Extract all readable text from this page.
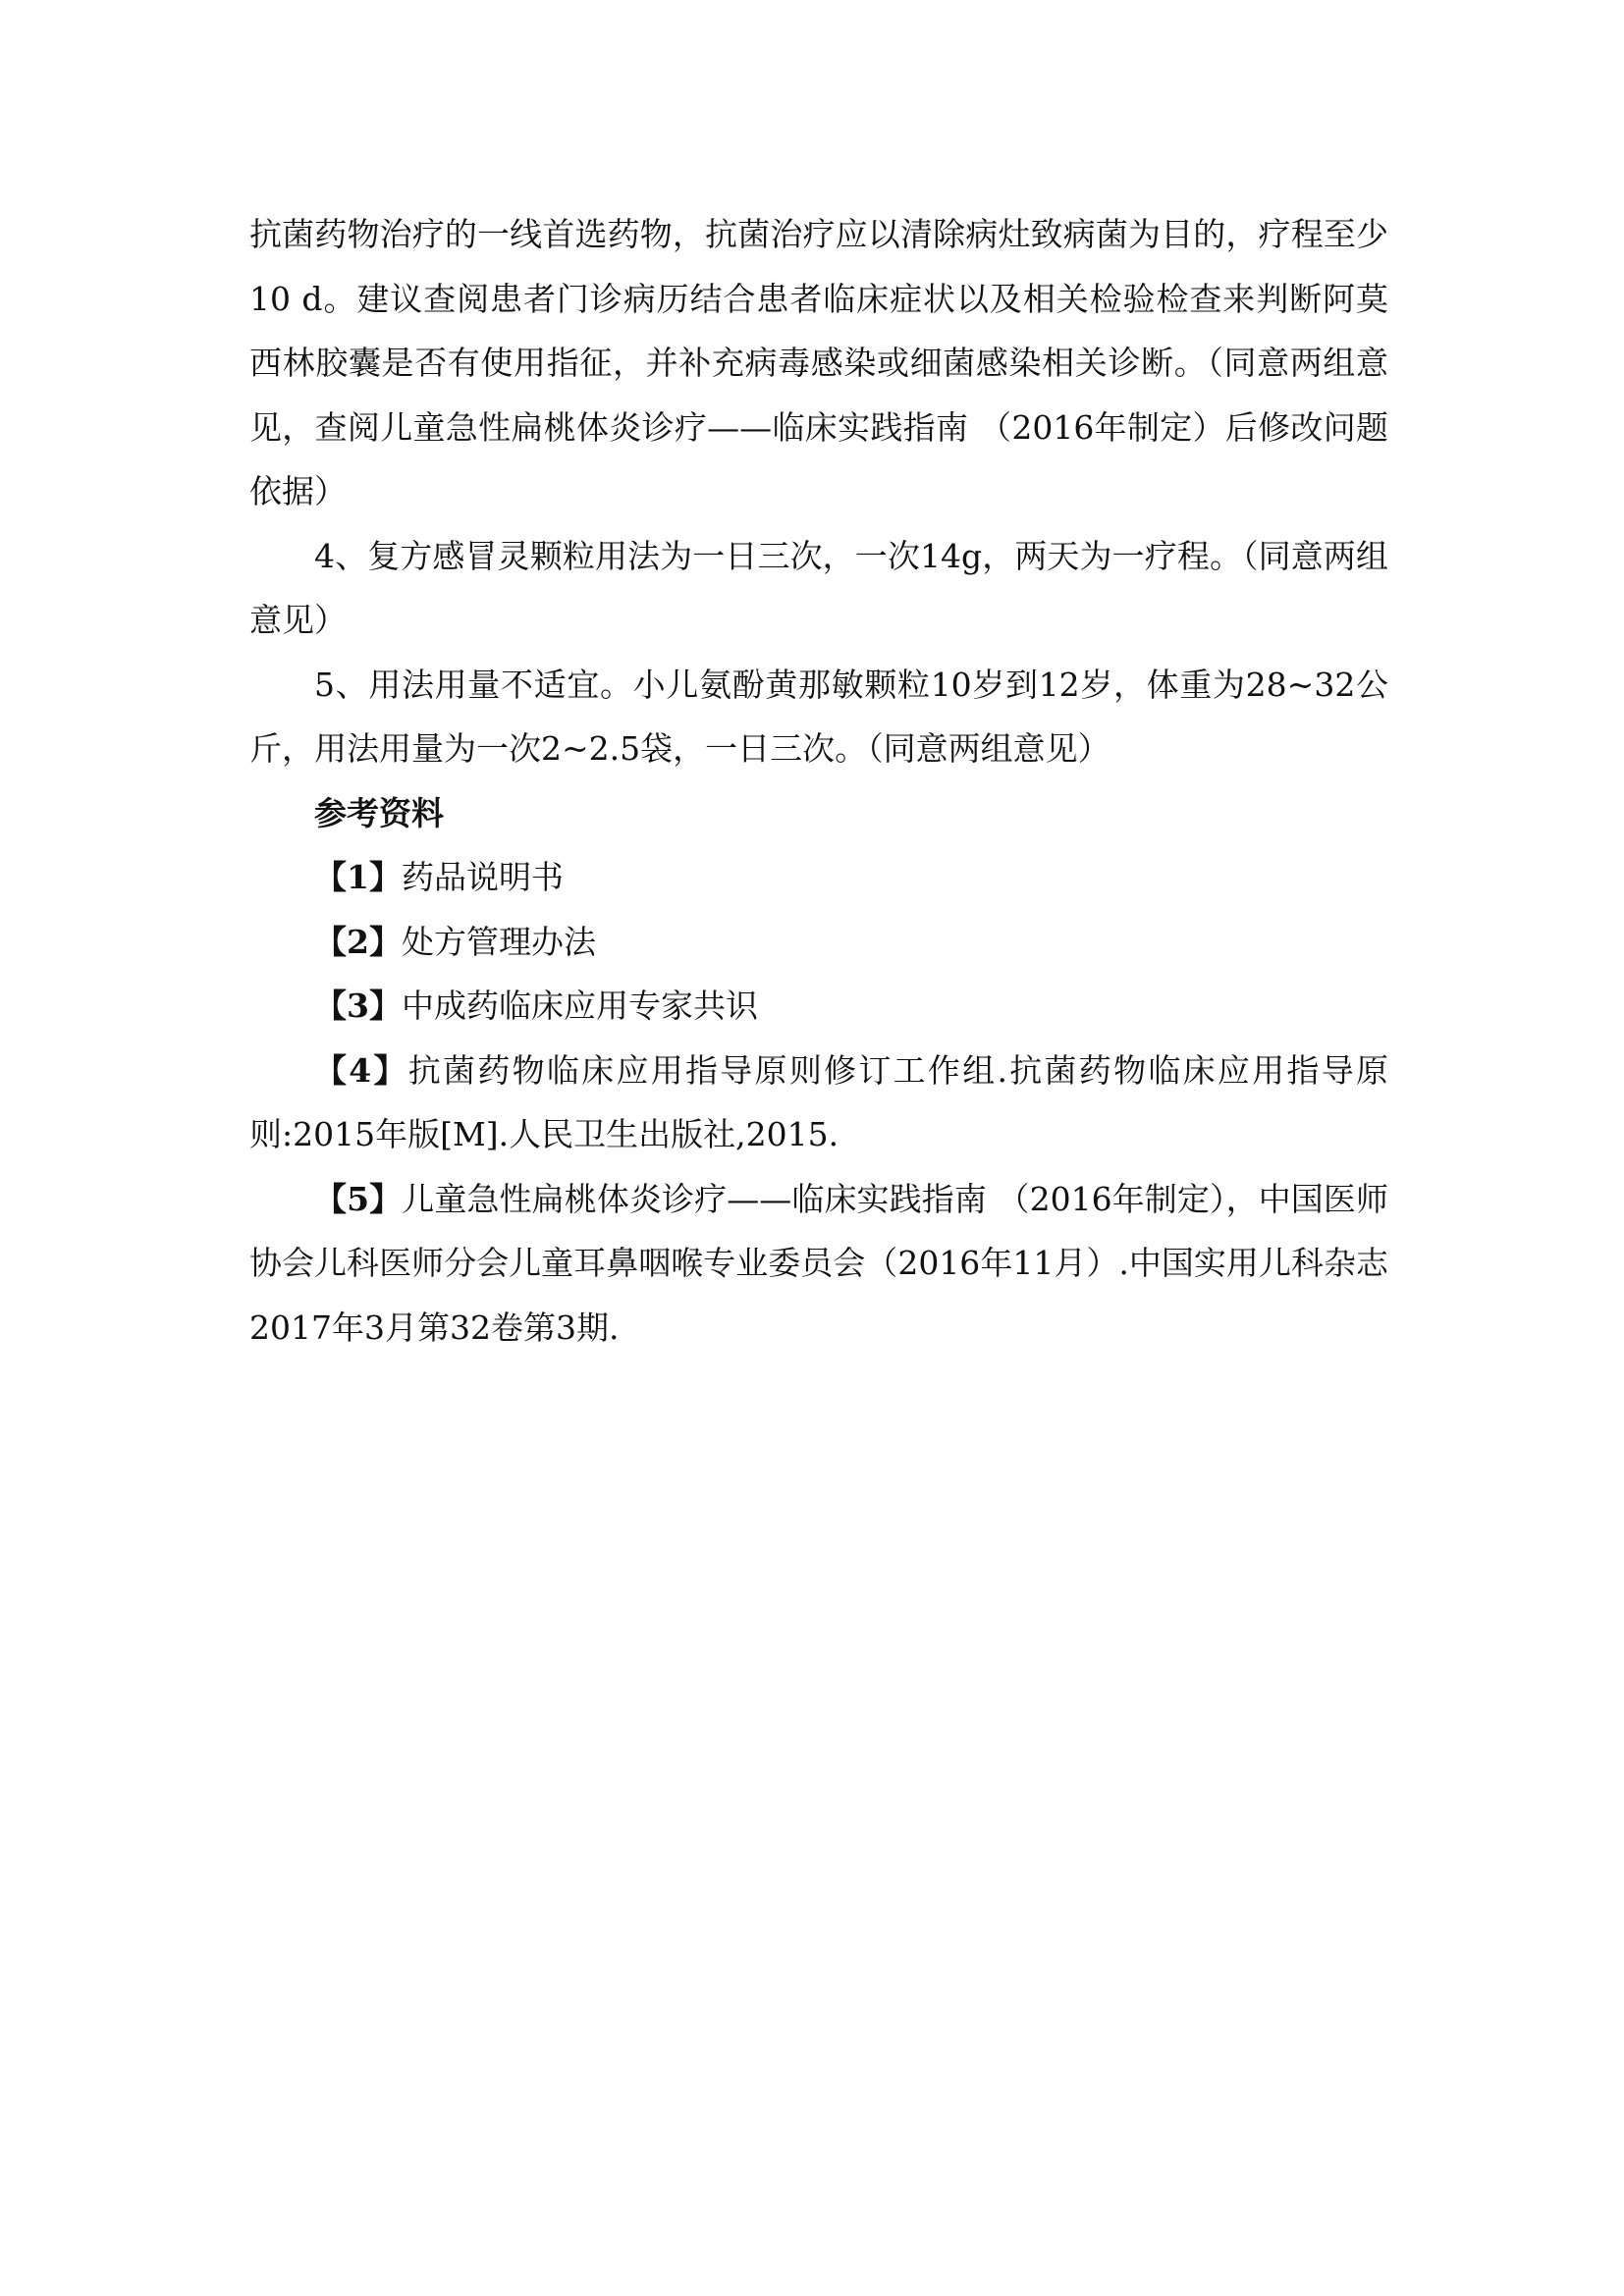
抗菌药物治疗的一线首选药物，抗菌治疗应以清除病灶致病菌为目的，疗程至少10 d。建议查阅患者门诊病历结合患者临床症状以及相关检验检查来判断阿莫西林胶囊是否有使用指征，并补充病毒感染或细菌感染相关诊断。（同意两组意见，查阅儿童急性扁桃体炎诊疗——临床实践指南 （2016年制定）后修改问题依据）

4、复方感冒灵颗粒用法为一日三次，一次14g，两天为一疗程。（同意两组意见）

5、用法用量不适宜。小儿氨酚黄那敏颗粒10岁到12岁，体重为28~32公斤，用法用量为一次2~2.5袋，一日三次。（同意两组意见）

参考资料

【1】药品说明书

【2】处方管理办法

【3】中成药临床应用专家共识

【4】抗菌药物临床应用指导原则修订工作组.抗菌药物临床应用指导原则:2015年版[M].人民卫生出版社,2015.

【5】儿童急性扁桃体炎诊疗——临床实践指南 （2016年制定），中国医师协会儿科医师分会儿童耳鼻咽喉专业委员会（2016年11月）.中国实用儿科杂志 2017年3月第32卷第3期.
